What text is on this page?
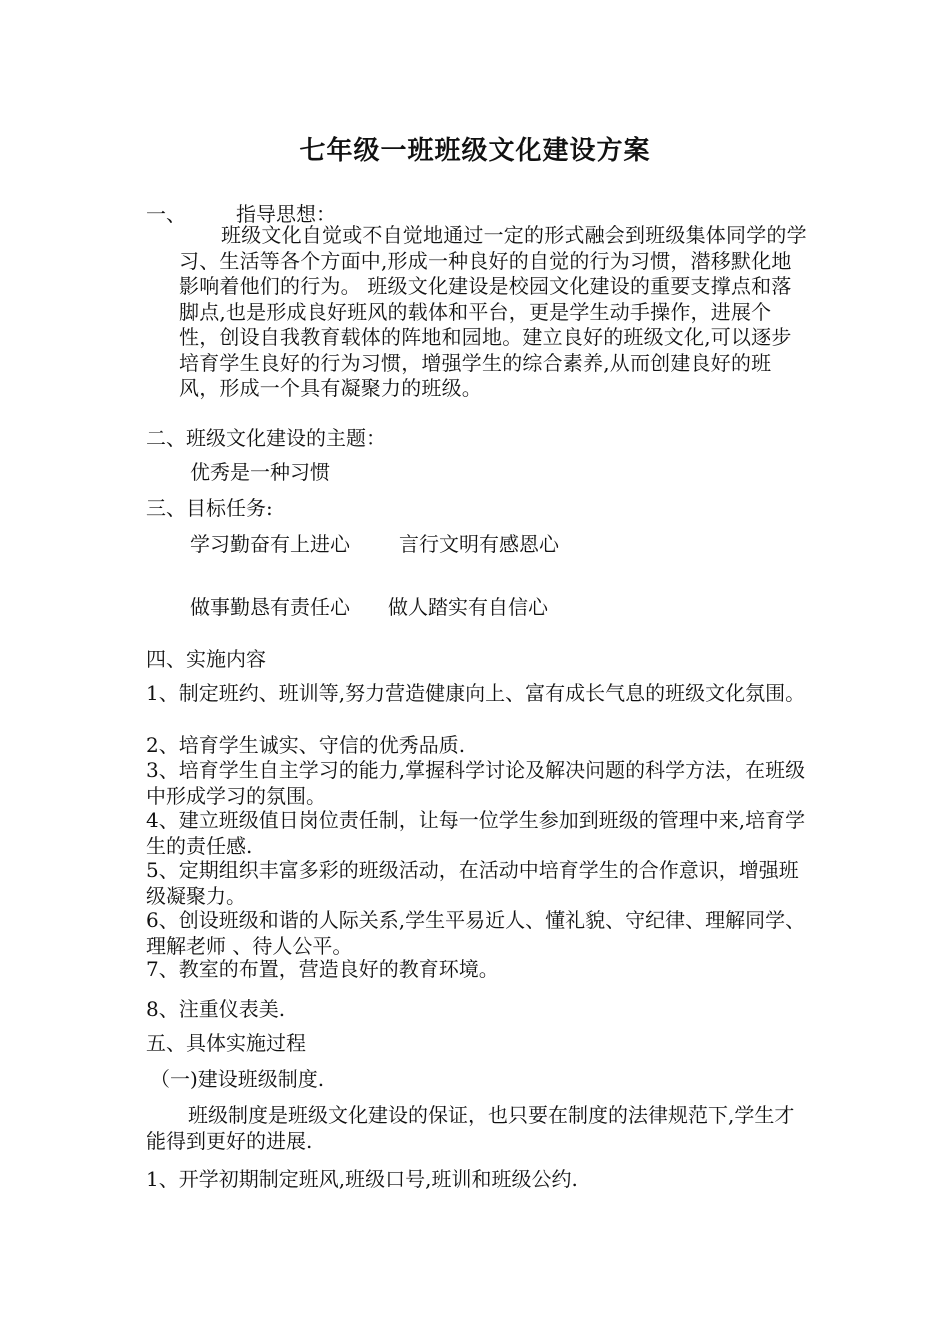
七年级一班班级文化建设方案
一、	指导思想：
班级文化自觉或不自觉地通过一定的形式融会到班级集体同学的学习、生活等各个方面中,形成一种良好的自觉的行为习惯，潜移默化地影响着他们的行为。 班级文化建设是校园文化建设的重要支撑点和落脚点,也是形成良好班风的载体和平台，更是学生动手操作，进展个性，创设自我教育载体的阵地和园地。建立良好的班级文化,可以逐步培育学生良好的行为习惯，增强学生的综合素养,从而创建良好的班风，形成一个具有凝聚力的班级。
二、班级文化建设的主题：
优秀是一种习惯
三、目标任务:
学习勤奋有上进心 言行文明有感恩心
做事勤恳有责任心 做人踏实有自信心
四、实施内容
1、制定班约、班训等,努力营造健康向上、富有成长气息的班级文化氛围。
2、培育学生诚实、守信的优秀品质.
3、培育学生自主学习的能力,掌握科学讨论及解决问题的科学方法，在班级中形成学习的氛围。
4、建立班级值日岗位责任制，让每一位学生参加到班级的管理中来,培育学生的责任感.
5、定期组织丰富多彩的班级活动，在活动中培育学生的合作意识，增强班级凝聚力。
6、创设班级和谐的人际关系,学生平易近人、懂礼貌、守纪律、理解同学、理解老师 、待人公平。
7、教室的布置，营造良好的教育环境。
8、注重仪表美.
五、具体实施过程
（一)建设班级制度.
班级制度是班级文化建设的保证，也只要在制度的法律规范下,学生才能得到更好的进展.
1、开学初期制定班风,班级口号,班训和班级公约.
